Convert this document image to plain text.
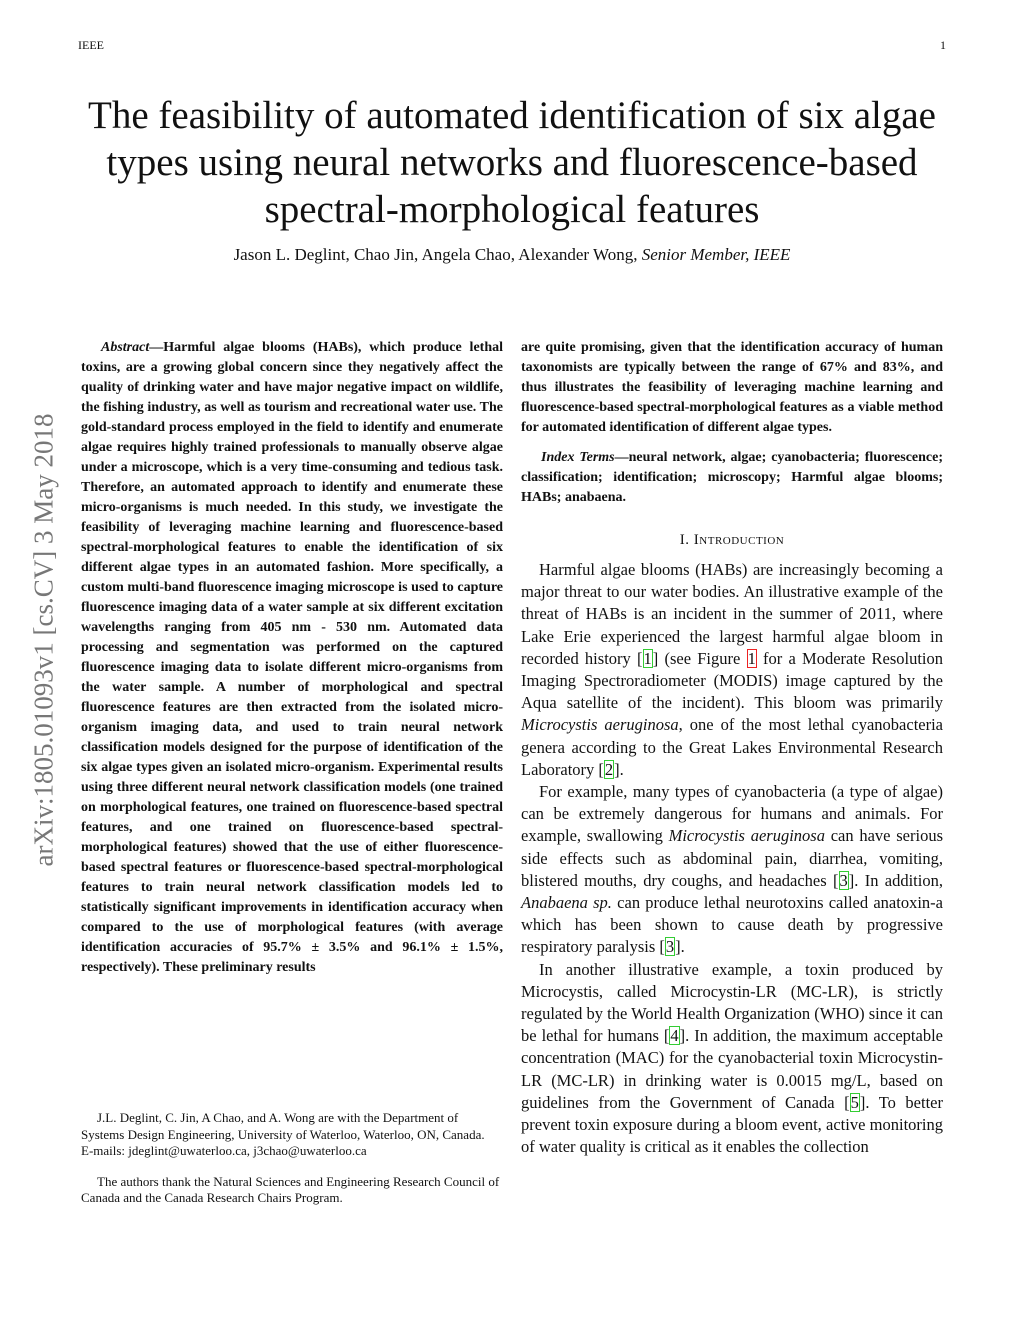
IEEE	1
The feasibility of automated identification of six algae types using neural networks and fluorescence-based spectral-morphological features
Jason L. Deglint, Chao Jin, Angela Chao, Alexander Wong, Senior Member, IEEE
arXiv:1805.01093v1 [cs.CV] 3 May 2018

Abstract—Harmful algae blooms (HABs), which produce lethal toxins, are a growing global concern since they negatively affect the quality of drinking water and have major negative impact on wildlife, the fishing industry, as well as tourism and recreational water use. The gold-standard process employed in the field to identify and enumerate algae requires highly trained professionals to manually observe algae under a microscope, which is a very time-consuming and tedious task. Therefore, an automated approach to identify and enumerate these micro-organisms is much needed. In this study, we investigate the feasibility of leveraging machine learning and fluorescence-based spectral-morphological features to enable the identification of six different algae types in an automated fashion. More specifically, a custom multi-band fluorescence imaging microscope is used to capture fluorescence imaging data of a water sample at six different excitation wavelengths ranging from 405 nm - 530 nm. Automated data processing and segmentation was performed on the captured fluorescence imaging data to isolate different micro-organisms from the water sample. A number of morphological and spectral fluorescence features are then extracted from the isolated micro-organism imaging data, and used to train neural network classification models designed for the purpose of identification of the six algae types given an isolated micro-organism. Experimental results using three different neural network classification models (one trained on morphological features, one trained on fluorescence-based spectral features, and one trained on fluorescence-based spectral-morphological features) showed that the use of either fluorescence-based spectral features or fluorescence-based spectral-morphological features to train neural network classification models led to statistically significant improvements in identification accuracy when compared to the use of morphological features (with average identification accuracies of 95.7% ± 3.5% and 96.1% ± 1.5%, respectively). These preliminary results

J.L. Deglint, C. Jin, A Chao, and A. Wong are with the Department of Systems Design Engineering, University of Waterloo, Waterloo, ON, Canada.

E-mails: jdeglint@uwaterloo.ca, j3chao@uwaterloo.ca

The authors thank the Natural Sciences and Engineering Research Council of Canada and the Canada Research Chairs Program.

are quite promising, given that the identification accuracy of human taxonomists are typically between the range of 67% and 83%, and thus illustrates the feasibility of leveraging machine learning and fluorescence-based spectral-morphological features as a viable method for automated identification of different algae types.

Index Terms—neural network, algae; cyanobacteria; fluorescence; classification; identification; microscopy; Harmful algae blooms; HABs; anabaena.

I. Introduction

Harmful algae blooms (HABs) are increasingly becoming a major threat to our water bodies. An illustrative example of the threat of HABs is an incident in the summer of 2011, where Lake Erie experienced the largest harmful algae bloom in recorded history [1] (see Figure 1 for a Moderate Resolution Imaging Spectroradiometer (MODIS) image captured by the Aqua satellite of the incident). This bloom was primarily Microcystis aeruginosa, one of the most lethal cyanobacteria genera according to the Great Lakes Environmental Research Laboratory [2].

For example, many types of cyanobacteria (a type of algae) can be extremely dangerous for humans and animals. For example, swallowing Microcystis aeruginosa can have serious side effects such as abdominal pain, diarrhea, vomiting, blistered mouths, dry coughs, and headaches [3]. In addition, Anabaena sp. can produce lethal neurotoxins called anatoxin-a which has been shown to cause death by progressive respiratory paralysis [3].

In another illustrative example, a toxin produced by Microcystis, called Microcystin-LR (MC-LR), is strictly regulated by the World Health Organization (WHO) since it can be lethal for humans [4]. In addition, the maximum acceptable concentration (MAC) for the cyanobacterial toxin Microcystin-LR (MC-LR) in drinking water is 0.0015 mg/L, based on guidelines from the Government of Canada [5]. To better prevent toxin exposure during a bloom event, active monitoring of water quality is critical as it enables the collection
